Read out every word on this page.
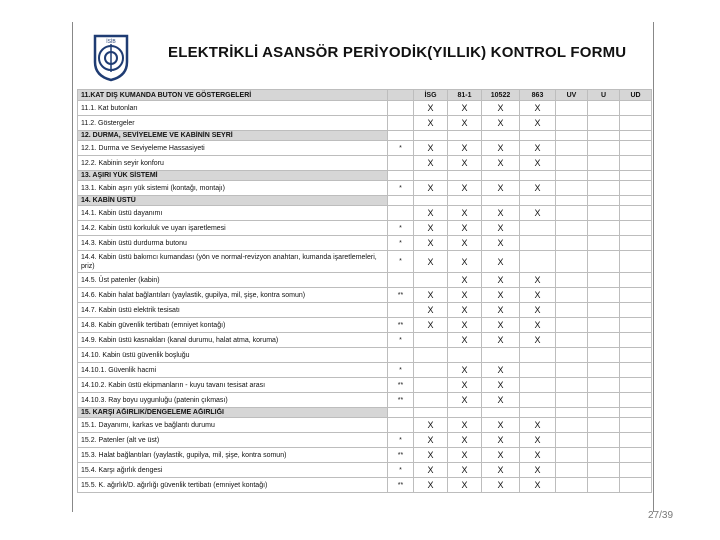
İSİB
ELEKTRİKLİ ASANSÖR PERİYODİK(YILLIK) KONTROL FORMU
11.KAT DIŞ KUMANDA BUTON VE GÖSTERGELERİ		İSG	81-1	10522	863	UV	U	UD
11.1. Kat butonları		X	X	X	X			
11.2. Göstergeler		X	X	X	X			
12. DURMA, SEVİYELEME VE KABİNİN SEYRİ								
12.1. Durma ve Seviyeleme Hassasiyeti	*	X	X	X	X			
12.2. Kabinin seyir konforu		X	X	X	X			
13. AŞIRI YÜK SİSTEMİ								
13.1. Kabin aşırı yük sistemi (kontağı, montajı)	*	X	X	X	X			
14. KABİN ÜSTÜ								
14.1. Kabin üstü dayanımı		X	X	X	X			
14.2. Kabin üstü korkuluk ve uyarı işaretlemesi	*	X	X	X				
14.3. Kabin üstü durdurma butonu	*	X	X	X				
14.4. Kabin üstü bakımcı kumandası (yön ve normal-revizyon anahtarı, kumanda işaretlemeleri, priz)	*	X	X	X				
14.5. Üst patenler (kabin)			X	X	X			
14.6. Kabin halat bağlantıları (yaylastik, gupilya, mil, şişe, kontra somun)	**	X	X	X	X			
14.7. Kabin üstü elektrik tesisatı		X	X	X	X			
14.8. Kabin güvenlik tertibatı (emniyet kontağı)	**	X	X	X	X			
14.9. Kabin üstü kasnakları (kanal durumu, halat atma, koruma)	*		X	X	X			
14.10. Kabin üstü güvenlik boşluğu								
14.10.1. Güvenlik hacmi	*		X	X				
14.10.2. Kabin üstü ekipmanların - kuyu tavanı tesisat arası	**		X	X				
14.10.3. Ray boyu uygunluğu (patenin çıkması)	**		X	X				
15. KARŞI AĞIRLIK/DENGELEME AĞIRLIĞI								
15.1. Dayanımı, karkas ve bağlantı durumu		X	X	X	X			
15.2. Patenler (alt ve üst)	*	X	X	X	X			
15.3. Halat bağlantıları (yaylastik, gupilya, mil, şişe, kontra somun)	**	X	X	X	X			
15.4. Karşı ağırlık dengesi	*	X	X	X	X			
15.5. K. ağırlık/D. ağırlığı güvenlik tertibatı (emniyet kontağı)	**	X	X	X	X			
27/39
